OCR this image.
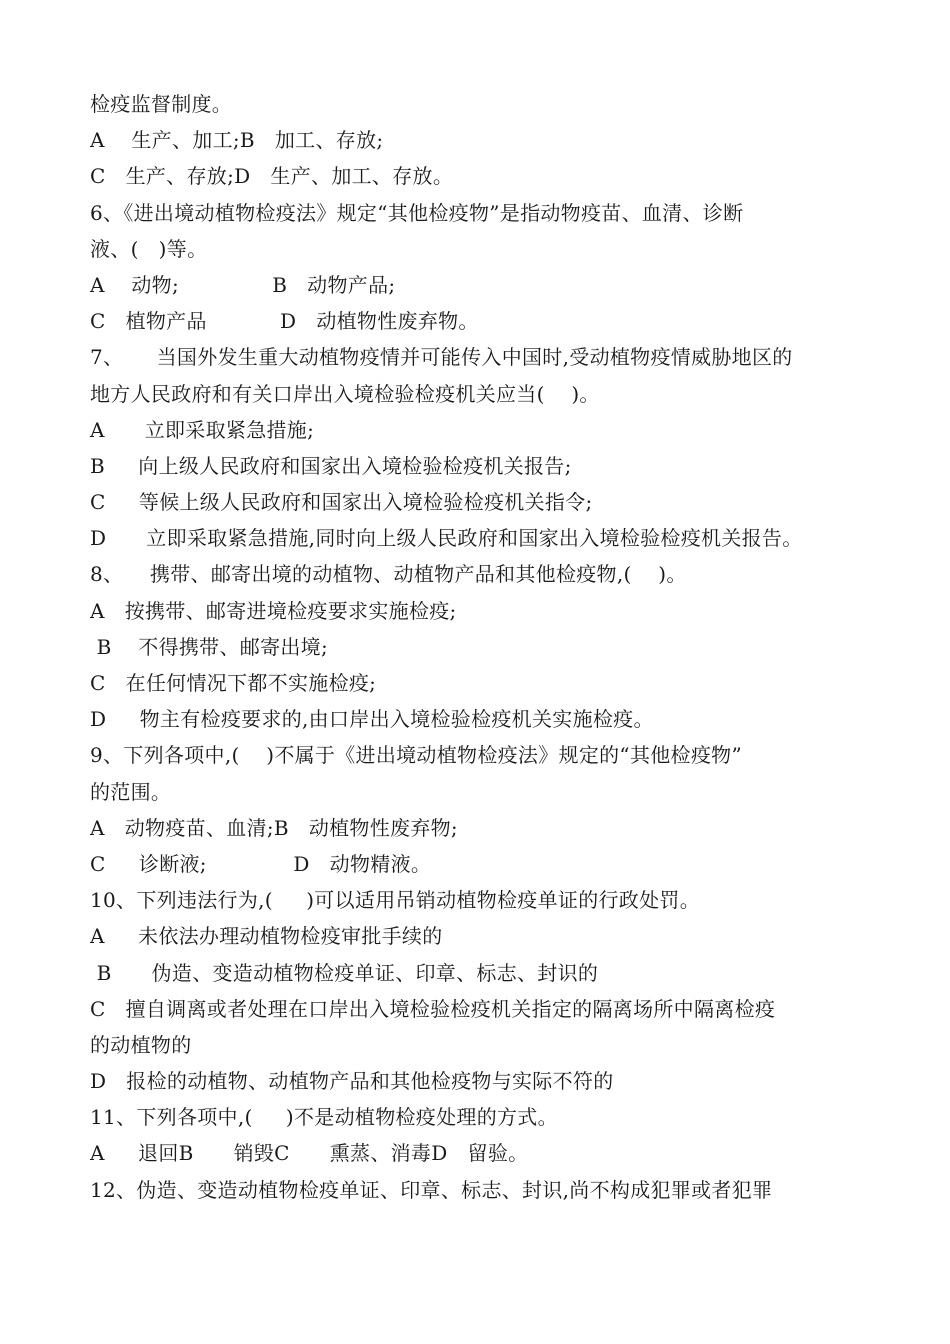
检疫监督制度。
A    生产、加工;B   加工、存放;
C   生产、存放;D   生产、加工、存放。
6、《进出境动植物检疫法》规定“其他检疫物”是指动物疫苗、血清、诊断
液、(   )等。
A    动物;              B   动物产品;
C   植物产品           D   动植物性废弃物。
7、     当国外发生重大动植物疫情并可能传入中国时,受动植物疫情威胁地区的
地方人民政府和有关口岸出入境检验检疫机关应当(    )。
A      立即采取紧急措施;
B     向上级人民政府和国家出入境检验检疫机关报告;
C     等候上级人民政府和国家出入境检验检疫机关指令;
D      立即采取紧急措施,同时向上级人民政府和国家出入境检验检疫机关报告。
8、    携带、邮寄出境的动植物、动植物产品和其他检疫物,(    )。
A   按携带、邮寄进境检疫要求实施检疫;
B    不得携带、邮寄出境;
C   在任何情况下都不实施检疫;
D     物主有检疫要求的,由口岸出入境检验检疫机关实施检疫。
9、下列各项中,(    )不属于《进出境动植物检疫法》规定的“其他检疫物”
的范围。
A   动物疫苗、血清;B   动植物性废弃物;
C     诊断液;             D   动物精液。
10、下列违法行为,(     )可以适用吊销动植物检疫单证的行政处罚。
A     未依法办理动植物检疫审批手续的
B      伪造、变造动植物检疫单证、印章、标志、封识的
C   擅自调离或者处理在口岸出入境检验检疫机关指定的隔离场所中隔离检疫
的动植物的
D   报检的动植物、动植物产品和其他检疫物与实际不符的
11、下列各项中,(     )不是动植物检疫处理的方式。
A     退回B      销毁C      熏蒸、消毒D   留验。
12、伪造、变造动植物检疫单证、印章、标志、封识,尚不构成犯罪或者犯罪
